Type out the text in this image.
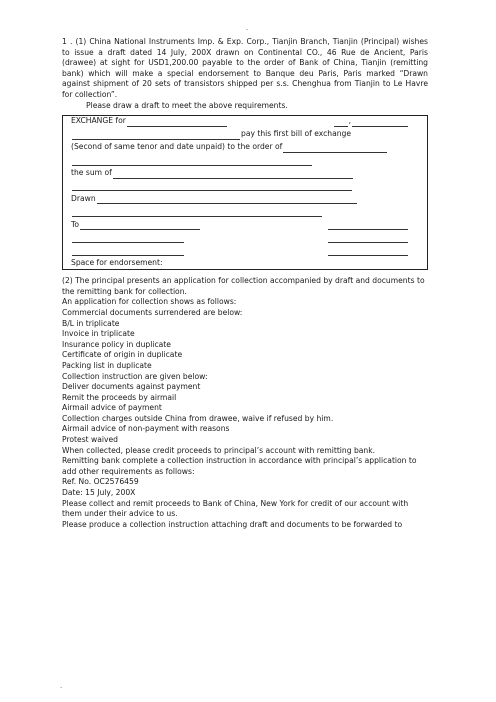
.

1 . (1) China National Instruments Imp. & Exp. Corp., Tianjin Branch, Tianjin (Principal) wishes to issue a draft dated 14 July, 200X drawn on Continental CO., 46 Rue de Ancient, Paris (drawee) at sight for USD1,200.00 payable to the order of Bank of China, Tianjin (remitting bank) which will make a special endorsement to Banque deu Paris, Paris marked “Drawn against shipment of 20 sets of transistors shipped per s.s. Chenghua from Tianjin to Le Havre for collection”.

Please draw a draft to meet the above requirements.

EXCHANGE for	,
pay this first bill of exchange
(Second of same tenor and date unpaid) to the order of
the sum of
Drawn
To
Space for endorsement:

(2) The principal presents an application for collection accompanied by draft and documents to the remitting bank for collection.

An application for collection shows as follows:

Commercial documents surrendered are below:

B/L in triplicate

Invoice in triplicate

Insurance policy in duplicate

Certificate of origin in duplicate

Packing list in duplicate

Collection instruction are given below:

Deliver documents against payment

Remit the proceeds by airmail

Airmail advice of payment

Collection charges outside China from drawee, waive if refused by him.

Airmail advice of non-payment with reasons

Protest waived

When collected, please credit proceeds to principal’s account with remitting bank.

Remitting bank complete a collection instruction in accordance with principal’s application to add other requirements as follows:

Ref. No. OC2576459

Date: 15 July, 200X

Please collect and remit proceeds to Bank of China, New York for credit of our account with them under their advice to us.

Please produce a collection instruction attaching draft and documents to be forwarded to

.
